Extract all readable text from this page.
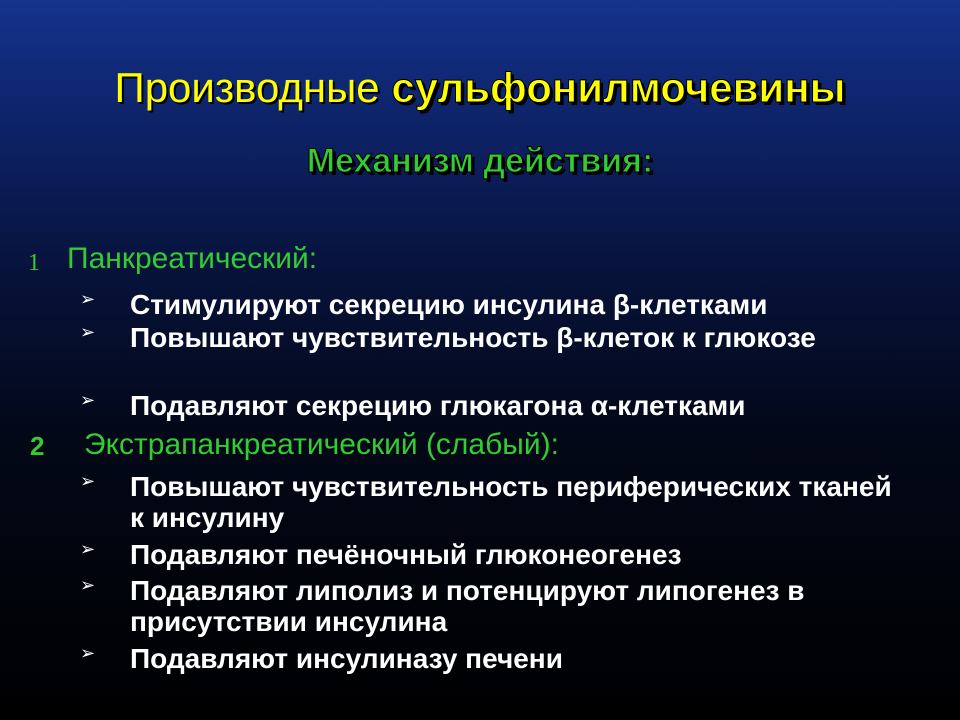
Производные сульфонилмочевины
Механизм действия:
1 Панкреатический:
➢ Стимулируют секрецию инсулина β-клетками
➢ Повышают чувствительность β-клеток к глюкозе
➢ Подавляют секрецию глюкагона α-клетками
2 Экстрапанкреатический (слабый):
➢ Повышают чувствительность периферических тканей к инсулину
➢ Подавляют печёночный глюконеогенез
➢ Подавляют липолиз и потенцируют липогенез в присутствии инсулина
➢ Подавляют инсулиназу печени
